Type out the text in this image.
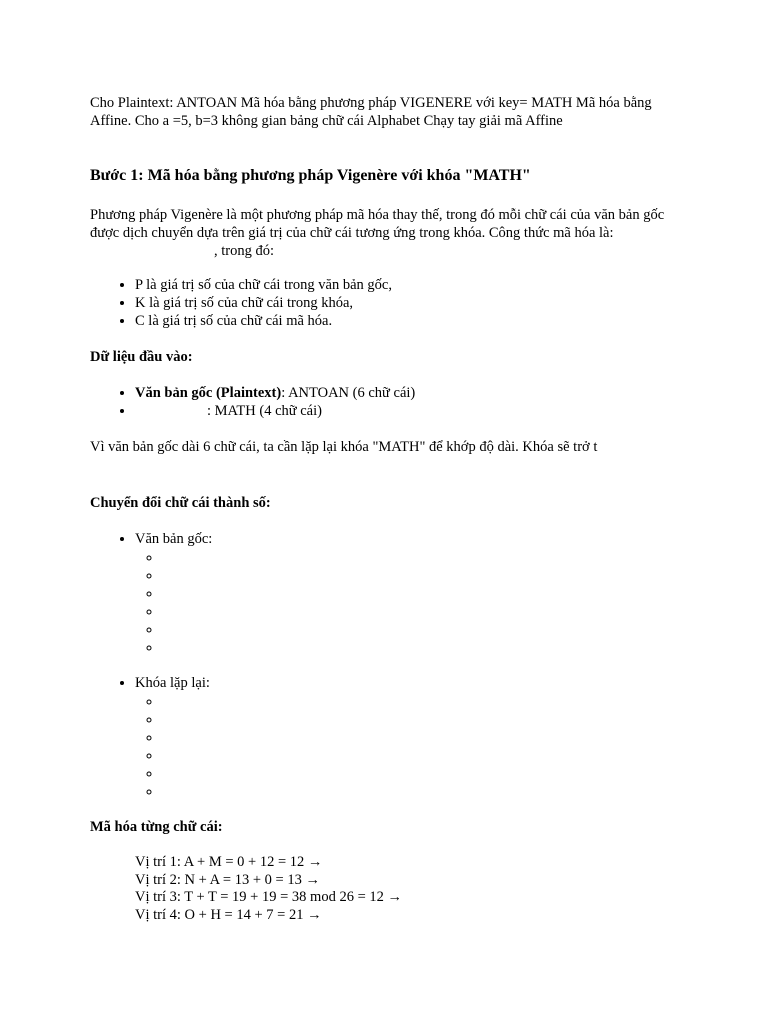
Cho Plaintext: ANTOAN Mã hóa bằng phương pháp VIGENERE với key= MATH Mã hóa bằng Affine. Cho a =5, b=3 không gian bảng chữ cái Alphabet Chạy tay giải mã Affine

Bước 1: Mã hóa bằng phương pháp Vigenère với khóa "MATH"

Phương pháp Vigenère là một phương pháp mã hóa thay thế, trong đó mỗi chữ cái của văn bản gốc được dịch chuyển dựa trên giá trị của chữ cái tương ứng trong khóa. Công thức mã hóa là:
, trong đó:

• P là giá trị số của chữ cái trong văn bản gốc,
• K là giá trị số của chữ cái trong khóa,
• C là giá trị số của chữ cái mã hóa.

Dữ liệu đầu vào:

• Văn bản gốc (Plaintext): ANTOAN (6 chữ cái)
• : MATH (4 chữ cái)

Vì văn bản gốc dài 6 chữ cái, ta cần lặp lại khóa "MATH" để khớp độ dài. Khóa sẽ trở t

Chuyển đổi chữ cái thành số:

• Văn bản gốc:
◦
◦
◦
◦
◦
◦
• Khóa lặp lại:
◦
◦
◦
◦
◦
◦

Mã hóa từng chữ cái:

Vị trí 1: A + M = 0 + 12 = 12 →

Vị trí 2: N + A = 13 + 0 = 13 →

Vị trí 3: T + T = 19 + 19 = 38 mod 26 = 12 →

Vị trí 4: O + H = 14 + 7 = 21 →
